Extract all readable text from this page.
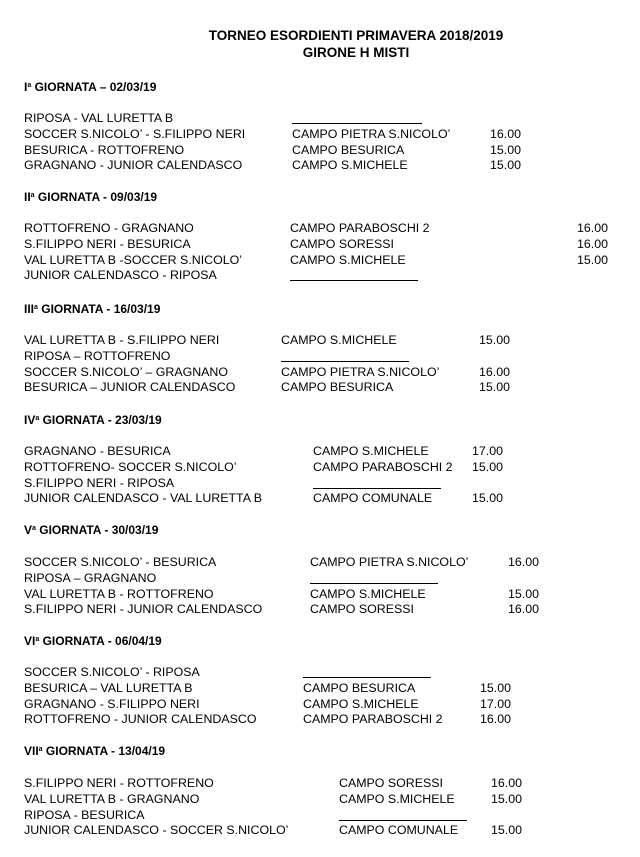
TORNEO ESORDIENTI PRIMAVERA 2018/2019
GIRONE H MISTI
$I^a$ GIORNATA – 02/03/19
RIPOSA - VAL LURETTA B
SOCCER S.NICOLO’ - S.FILIPPO NERI	CAMPO PIETRA S.NICOLO’	16.00
BESURICA - ROTTOFRENO	CAMPO BESURICA	15.00
GRAGNANO - JUNIOR CALENDASCO	CAMPO S.MICHELE	15.00
$II^a$ GIORNATA - 09/03/19
ROTTOFRENO - GRAGNANO	CAMPO PARABOSCHI 2	16.00
S.FILIPPO NERI - BESURICA	CAMPO SORESSI	16.00
VAL LURETTA B -SOCCER S.NICOLO’	CAMPO S.MICHELE	15.00
JUNIOR CALENDASCO - RIPOSA
III$^a$ GIORNATA - 16/03/19
VAL LURETTA B - S.FILIPPO NERI	CAMPO S.MICHELE	15.00
RIPOSA – ROTTOFRENO
SOCCER S.NICOLO’ – GRAGNANO	CAMPO PIETRA S.NICOLO’	16.00
BESURICA – JUNIOR CALENDASCO	CAMPO BESURICA	15.00
$IV^a$ GIORNATA - 23/03/19
GRAGNANO - BESURICA	CAMPO S.MICHELE	17.00
ROTTOFRENO- SOCCER S.NICOLO’	CAMPO PARABOSCHI 2 15.00
S.FILIPPO NERI - RIPOSA
JUNIOR CALENDASCO - VAL LURETTA B	CAMPO COMUNALE	15.00
$V^a$ GIORNATA - 30/03/19
SOCCER S.NICOLO’ - BESURICA	CAMPO PIETRA S.NICOLO’	16.00
RIPOSA – GRAGNANO
VAL LURETTA B - ROTTOFRENO	CAMPO S.MICHELE	15.00
S.FILIPPO NERI - JUNIOR CALENDASCO	CAMPO SORESSI	16.00
$VI^a$ GIORNATA - 06/04/19
SOCCER S.NICOLO’ - RIPOSA
BESURICA – VAL LURETTA B	CAMPO BESURICA	15.00
GRAGNANO - S.FILIPPO NERI	CAMPO S.MICHELE	17.00
ROTTOFRENO - JUNIOR CALENDASCO	CAMPO PARABOSCHI 2	16.00
VII$^a$ GIORNATA - 13/04/19
S.FILIPPO NERI - ROTTOFRENO	CAMPO SORESSI	16.00
VAL LURETTA B - GRAGNANO	CAMPO S.MICHELE	15.00
RIPOSA - BESURICA
JUNIOR CALENDASCO - SOCCER S.NICOLO’	CAMPO COMUNALE	15.00
